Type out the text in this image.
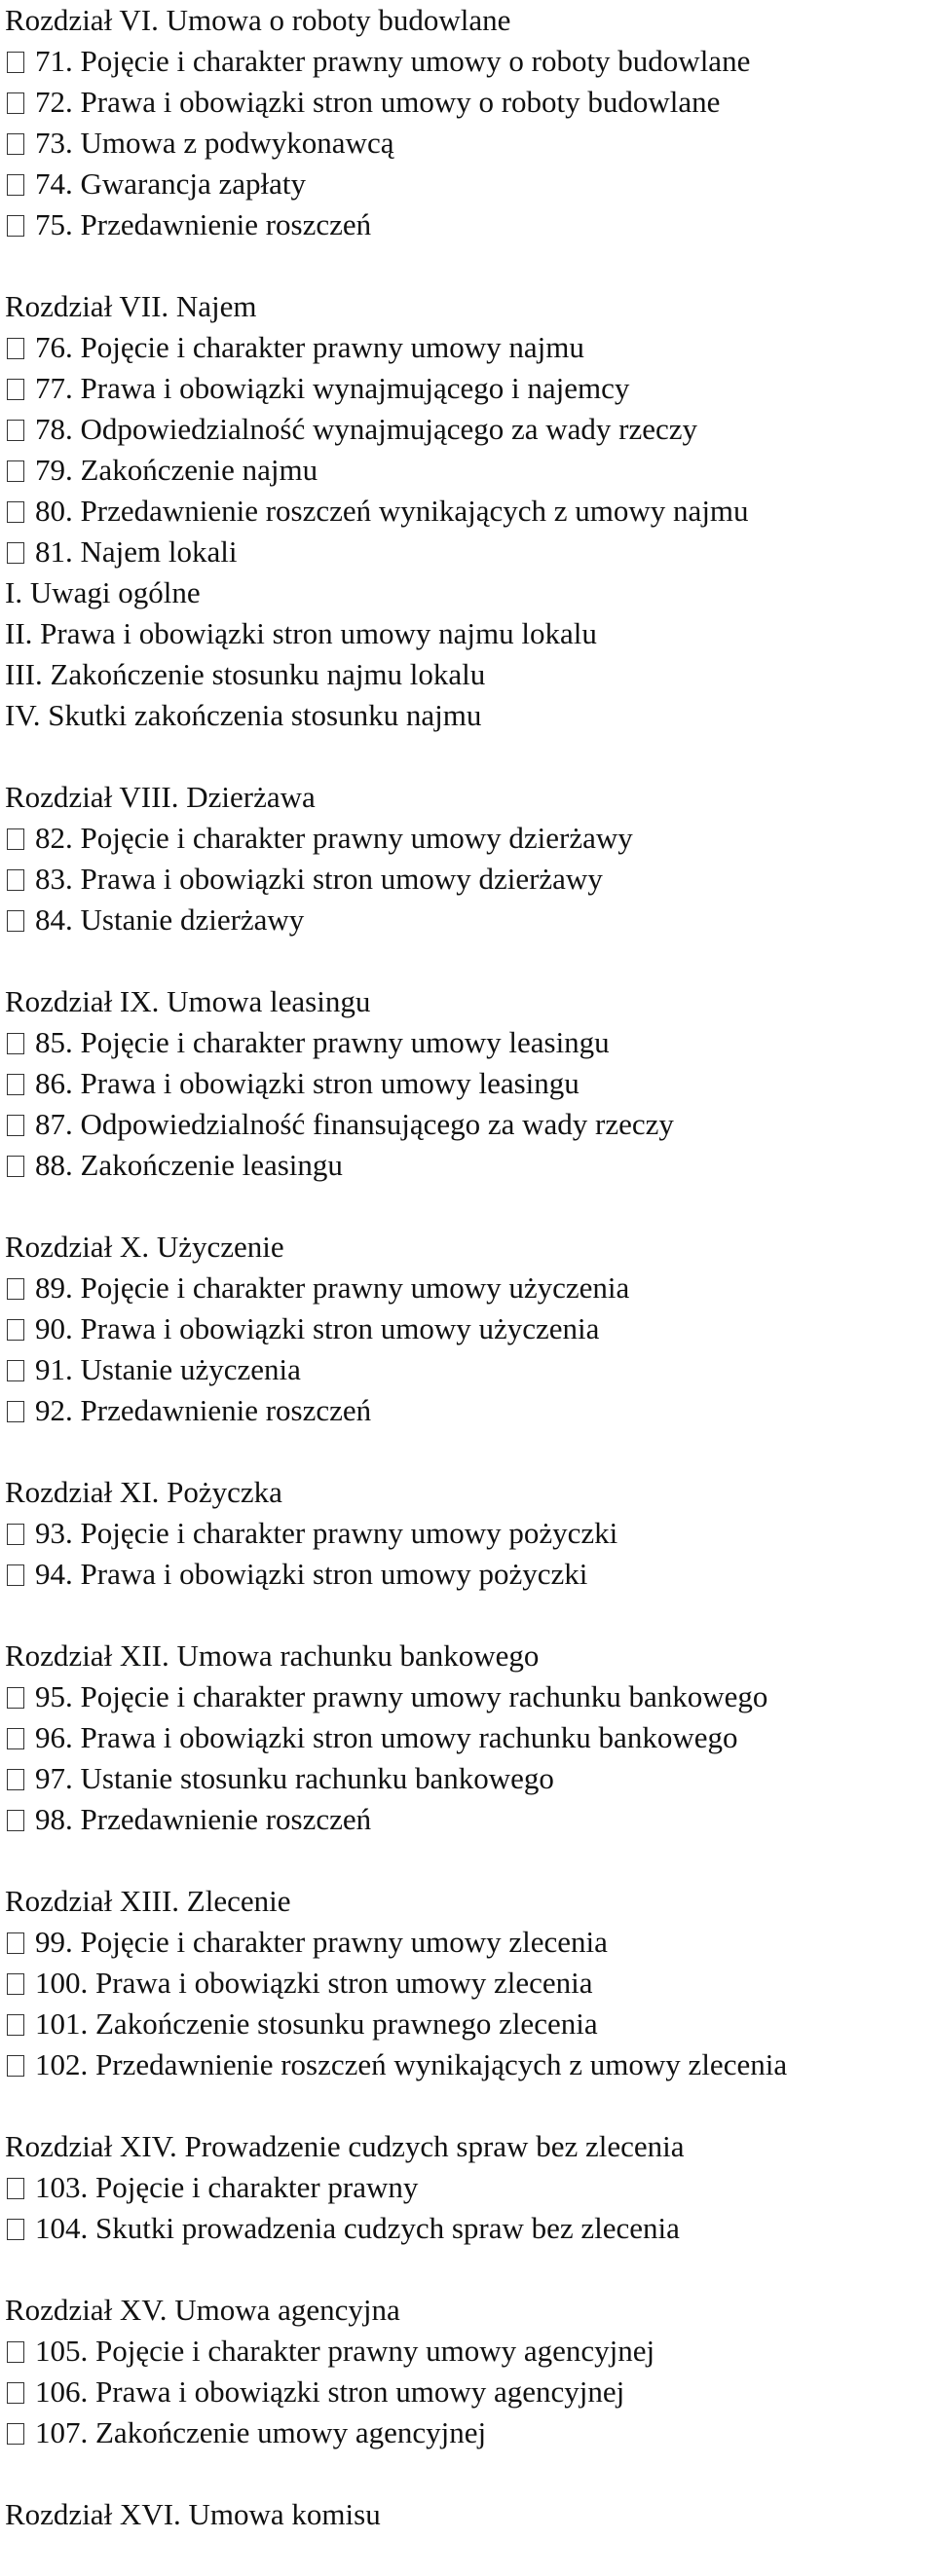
Rozdział VI. Umowa o roboty budowlane
71. Pojęcie i charakter prawny umowy o roboty budowlane
72. Prawa i obowiązki stron umowy o roboty budowlane
73. Umowa z podwykonawcą
74. Gwarancja zapłaty
75. Przedawnienie roszczeń
Rozdział VII. Najem
76. Pojęcie i charakter prawny umowy najmu
77. Prawa i obowiązki wynajmującego i najemcy
78. Odpowiedzialność wynajmującego za wady rzeczy
79. Zakończenie najmu
80. Przedawnienie roszczeń wynikających z umowy najmu
81. Najem lokali
I. Uwagi ogólne
II. Prawa i obowiązki stron umowy najmu lokalu
III. Zakończenie stosunku najmu lokalu
IV. Skutki zakończenia stosunku najmu
Rozdział VIII. Dzierżawa
82. Pojęcie i charakter prawny umowy dzierżawy
83. Prawa i obowiązki stron umowy dzierżawy
84. Ustanie dzierżawy
Rozdział IX. Umowa leasingu
85. Pojęcie i charakter prawny umowy leasingu
86. Prawa i obowiązki stron umowy leasingu
87. Odpowiedzialność finansującego za wady rzeczy
88. Zakończenie leasingu
Rozdział X. Użyczenie
89. Pojęcie i charakter prawny umowy użyczenia
90. Prawa i obowiązki stron umowy użyczenia
91. Ustanie użyczenia
92. Przedawnienie roszczeń
Rozdział XI. Pożyczka
93. Pojęcie i charakter prawny umowy pożyczki
94. Prawa i obowiązki stron umowy pożyczki
Rozdział XII. Umowa rachunku bankowego
95. Pojęcie i charakter prawny umowy rachunku bankowego
96. Prawa i obowiązki stron umowy rachunku bankowego
97. Ustanie stosunku rachunku bankowego
98. Przedawnienie roszczeń
Rozdział XIII. Zlecenie
99. Pojęcie i charakter prawny umowy zlecenia
100. Prawa i obowiązki stron umowy zlecenia
101. Zakończenie stosunku prawnego zlecenia
102. Przedawnienie roszczeń wynikających z umowy zlecenia
Rozdział XIV. Prowadzenie cudzych spraw bez zlecenia
103. Pojęcie i charakter prawny
104. Skutki prowadzenia cudzych spraw bez zlecenia
Rozdział XV. Umowa agencyjna
105. Pojęcie i charakter prawny umowy agencyjnej
106. Prawa i obowiązki stron umowy agencyjnej
107. Zakończenie umowy agencyjnej
Rozdział XVI. Umowa komisu
